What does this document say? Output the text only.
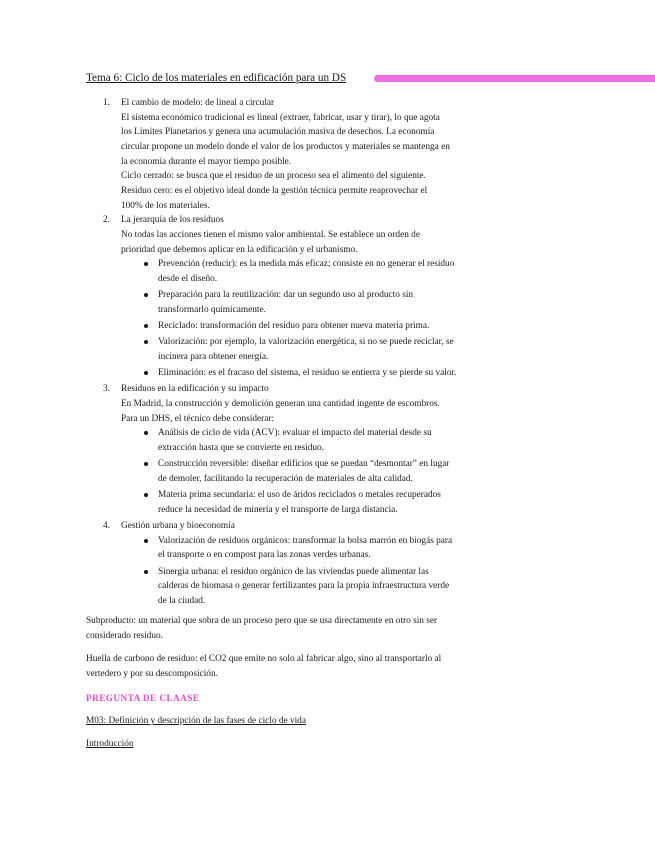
Tema 6: Ciclo de los materiales en edificación para un DS
1. El cambio de modelo: de lineal a circular
El sistema económico tradicional es lineal (extraer, fabricar, usar y tirar), lo que agota
los Límites Planetarios y genera una acumulación masiva de desechos. La economía
circular propone un modelo donde el valor de los productos y materiales se mantenga en
la economía durante el mayor tiempo posible.
Ciclo cerrado: se busca que el residuo de un proceso sea el alimento del siguiente.
Residuo cero: es el objetivo ideal donde la gestión técnica permite reaprovechar el
100% de los materiales.
2. La jerarquía de los residuos
No todas las acciones tienen el mismo valor ambiental. Se establece un orden de
prioridad que debemos aplicar en la edificación y el urbanismo.
Prevención (reducir): es la medida más eficaz; consiste en no generar el residuo
desde el diseño.
Preparación para la reutilización: dar un segundo uso al producto sin
transformarlo químicamente.
Reciclado: transformación del residuo para obtener nueva materia prima.
Valorización: por ejemplo, la valorización energética, si no se puede reciclar, se
incinera para obtener energía.
Eliminación: es el fracaso del sistema, el residuo se entierra y se pierde su valor.
3. Residuos en la edificación y su impacto
En Madrid, la construcción y demolición generan una cantidad ingente de escombros.
Para un DHS, el técnico debe considerar:
Análisis de ciclo de vida (ACV): evaluar el impacto del material desde su
extracción hasta que se convierte en residuo.
Construcción reversible: diseñar edificios que se puedan “desmontar” en lugar
de demoler, facilitando la recuperación de materiales de alta calidad.
Materia prima secundaria: el uso de áridos reciclados o metales recuperados
reduce la necesidad de minería y el transporte de larga distancia.
4. Gestión urbana y bioeconomía
Valorización de residuos orgánicos: transformar la bolsa marrón en biogás para
el transporte o en compost para las zonas verdes urbanas.
Sinergia urbana: el residuo orgánico de las viviendas puede alimentar las
calderas de biomasa o generar fertilizantes para la propia infraestructura verde
de la ciudad.
Subproducto: un material que sobra de un proceso pero que se usa directamente en otro sin ser
considerado residuo.
Huella de carbono de residuo: el CO2 que emite no solo al fabricar algo, sino al transportarlo al
vertedero y por su descomposición.
PREGUNTA DE CLAASE
M03: Definición y descripción de las fases de ciclo de vida
Introducción
